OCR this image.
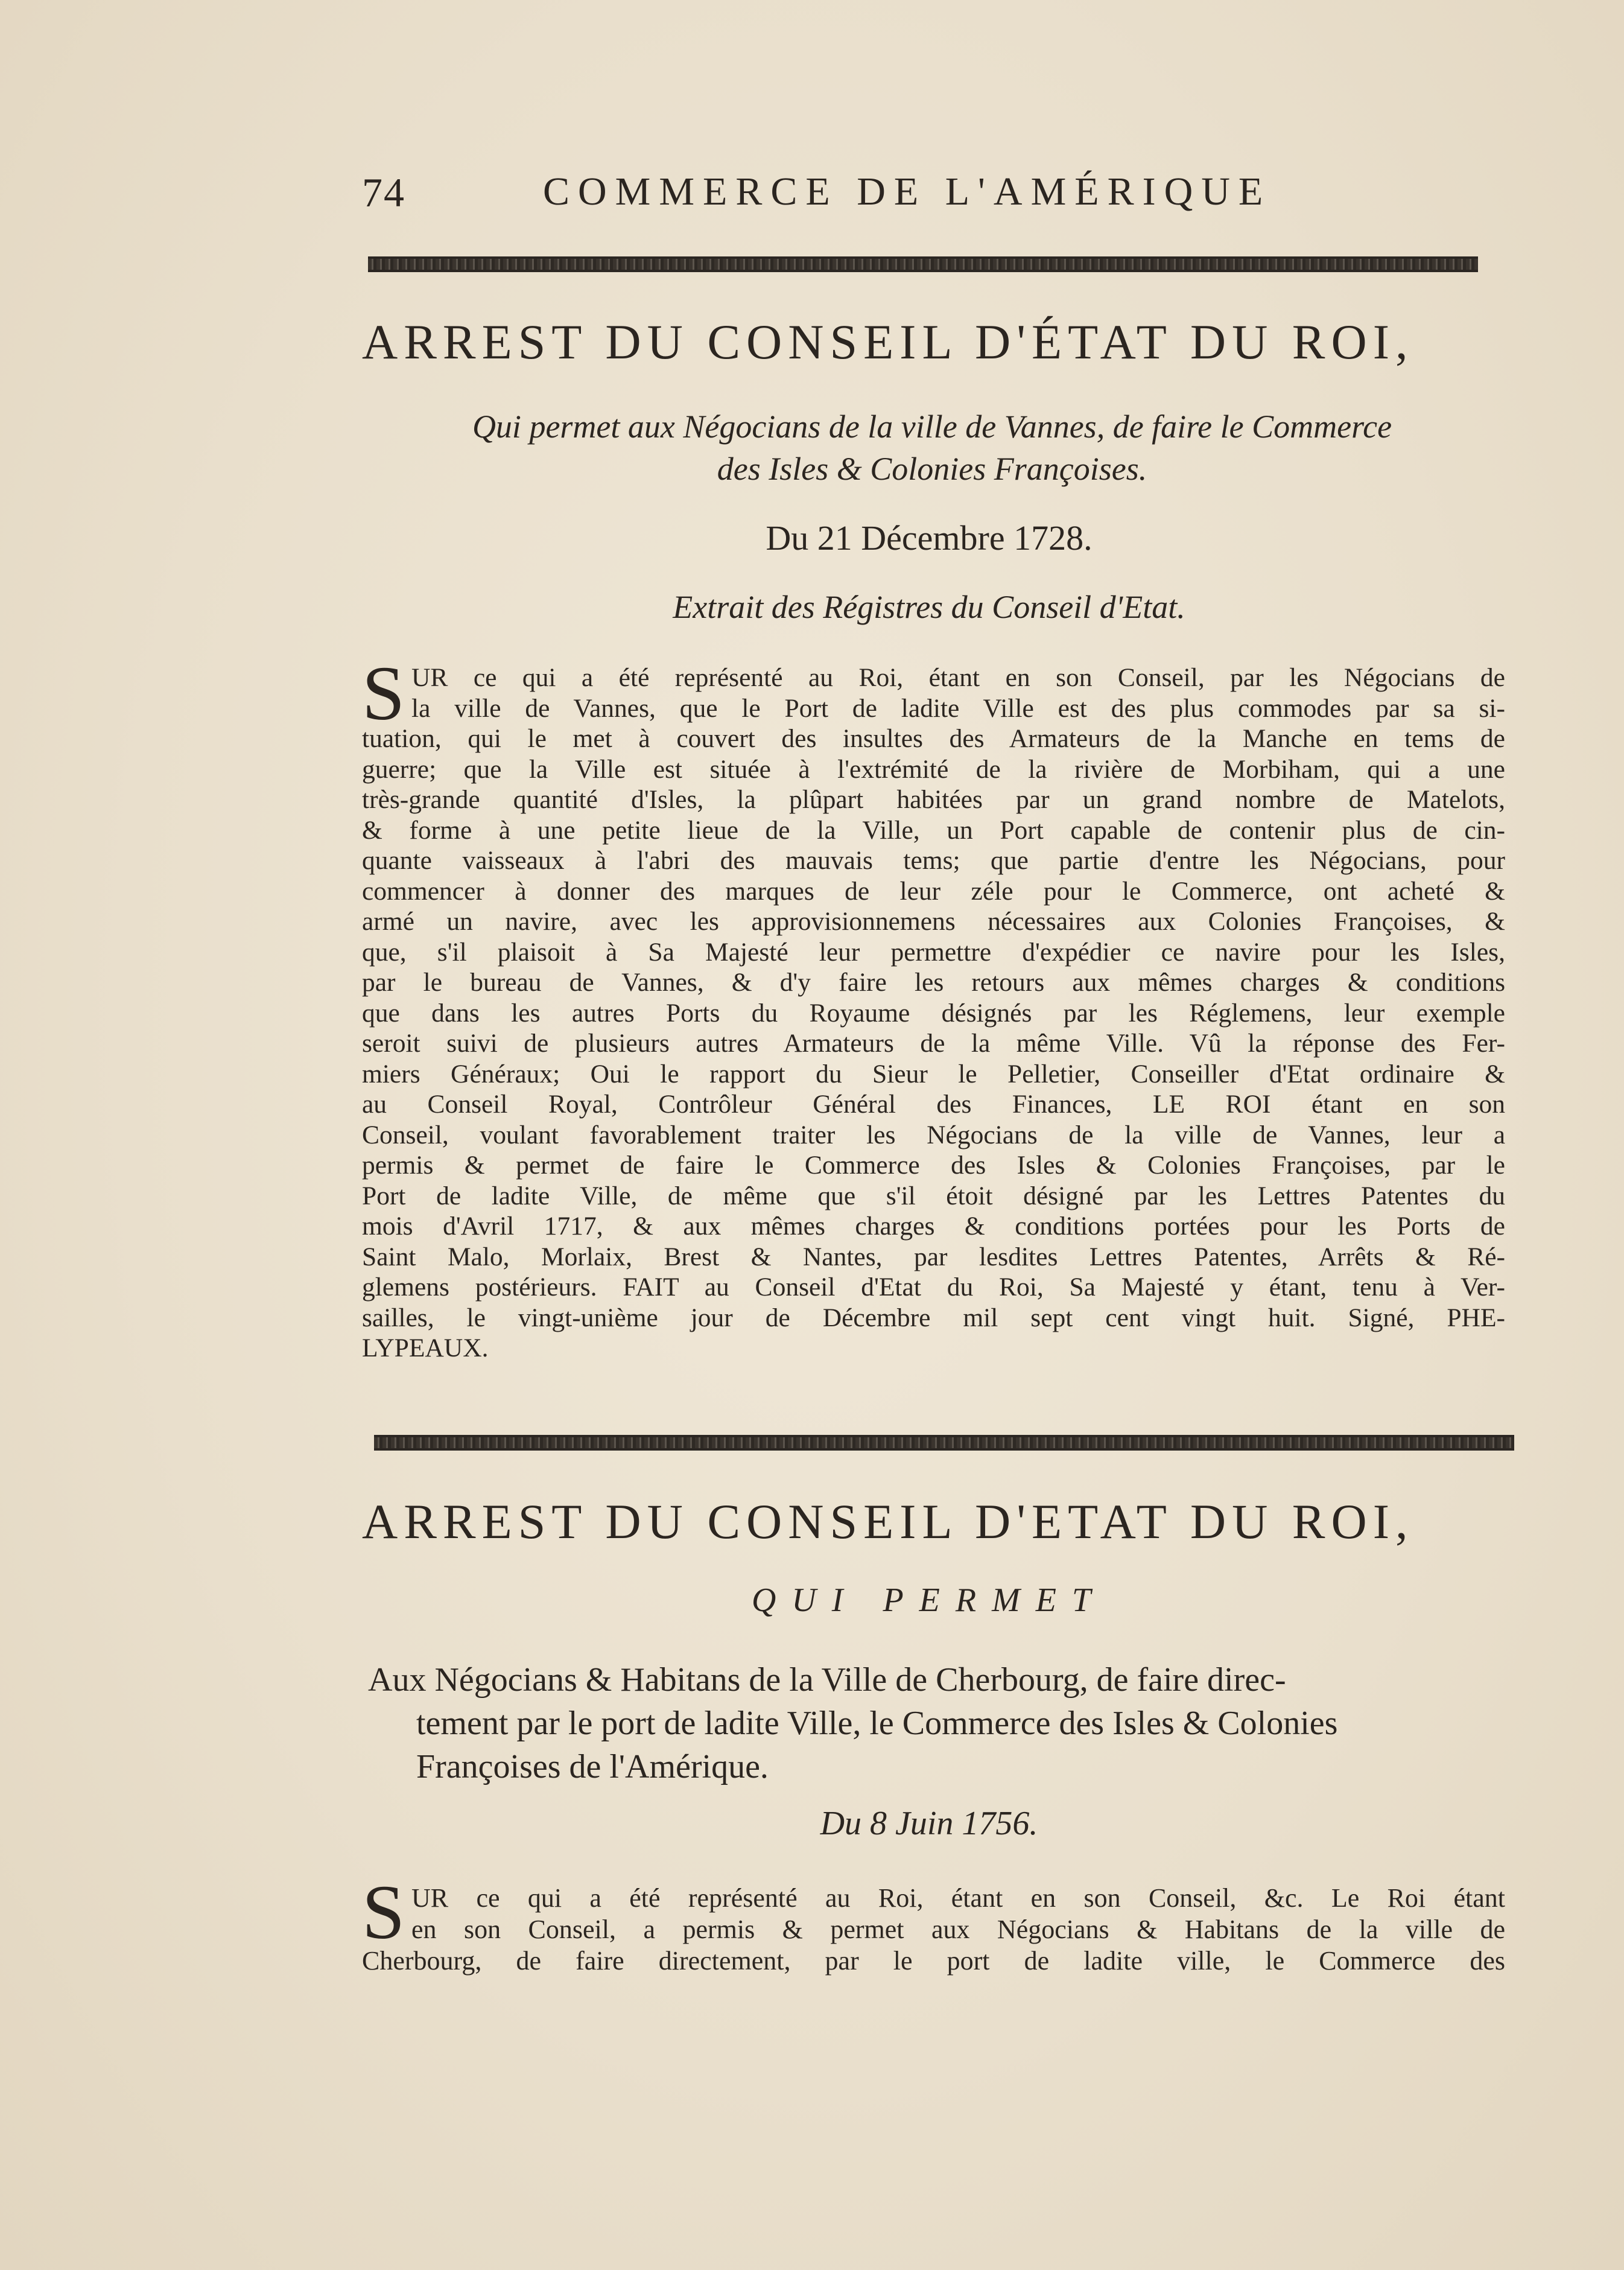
74	COMMERCE DE L'AMÉRIQUE
ARREST DU CONSEIL D'ÉTAT DU ROI,
Qui permet aux Négocians de la ville de Vannes, de faire le Commerce
des Isles & Colonies Françoises.
Du 21 Décembre 1728.
Extrait des Régistres du Conseil d'Etat.
S UR ce qui a été représenté au Roi, étant en son Conseil, par les Négocians de
la ville de Vannes, que le Port de ladite Ville est des plus commodes par sa si-
tuation, qui le met à couvert des insultes des Armateurs de la Manche en tems de
guerre; que la Ville est située à l'extrémité de la rivière de Morbiham, qui a une
très-grande quantité d'Isles, la plûpart habitées par un grand nombre de Matelots,
& forme à une petite lieue de la Ville, un Port capable de contenir plus de cin-
quante vaisseaux à l'abri des mauvais tems; que partie d'entre les Négocians, pour
commencer à donner des marques de leur zéle pour le Commerce, ont acheté &
armé un navire, avec les approvisionnemens nécessaires aux Colonies Françoises, &
que, s'il plaisoit à Sa Majesté leur permettre d'expédier ce navire pour les Isles,
par le bureau de Vannes, & d'y faire les retours aux mêmes charges & conditions
que dans les autres Ports du Royaume désignés par les Réglemens, leur exemple
seroit suivi de plusieurs autres Armateurs de la même Ville. Vû la réponse des Fer-
miers Généraux; Oui le rapport du Sieur le Pelletier, Conseiller d'Etat ordinaire &
au Conseil Royal, Contrôleur Général des Finances, LE ROI étant en son
Conseil, voulant favorablement traiter les Négocians de la ville de Vannes, leur a
permis & permet de faire le Commerce des Isles & Colonies Françoises, par le
Port de ladite Ville, de même que s'il étoit désigné par les Lettres Patentes du
mois d'Avril 1717, & aux mêmes charges & conditions portées pour les Ports de
Saint Malo, Morlaix, Brest & Nantes, par lesdites Lettres Patentes, Arrêts & Ré-
glemens postérieurs. FAIT au Conseil d'Etat du Roi, Sa Majesté y étant, tenu à Ver-
sailles, le vingt-unième jour de Décembre mil sept cent vingt huit. Signé, PHE-
LYPEAUX.
ARREST DU CONSEIL D'ETAT DU ROI,
QUI PERMET
Aux Négocians & Habitans de la Ville de Cherbourg, de faire direc-
tement par le port de ladite Ville, le Commerce des Isles & Colonies
Françoises de l'Amérique.
Du 8 Juin 1756.
S UR ce qui a été représenté au Roi, étant en son Conseil, &c. Le Roi étant
en son Conseil, a permis & permet aux Négocians & Habitans de la ville de
Cherbourg, de faire directement, par le port de ladite ville, le Commerce des
